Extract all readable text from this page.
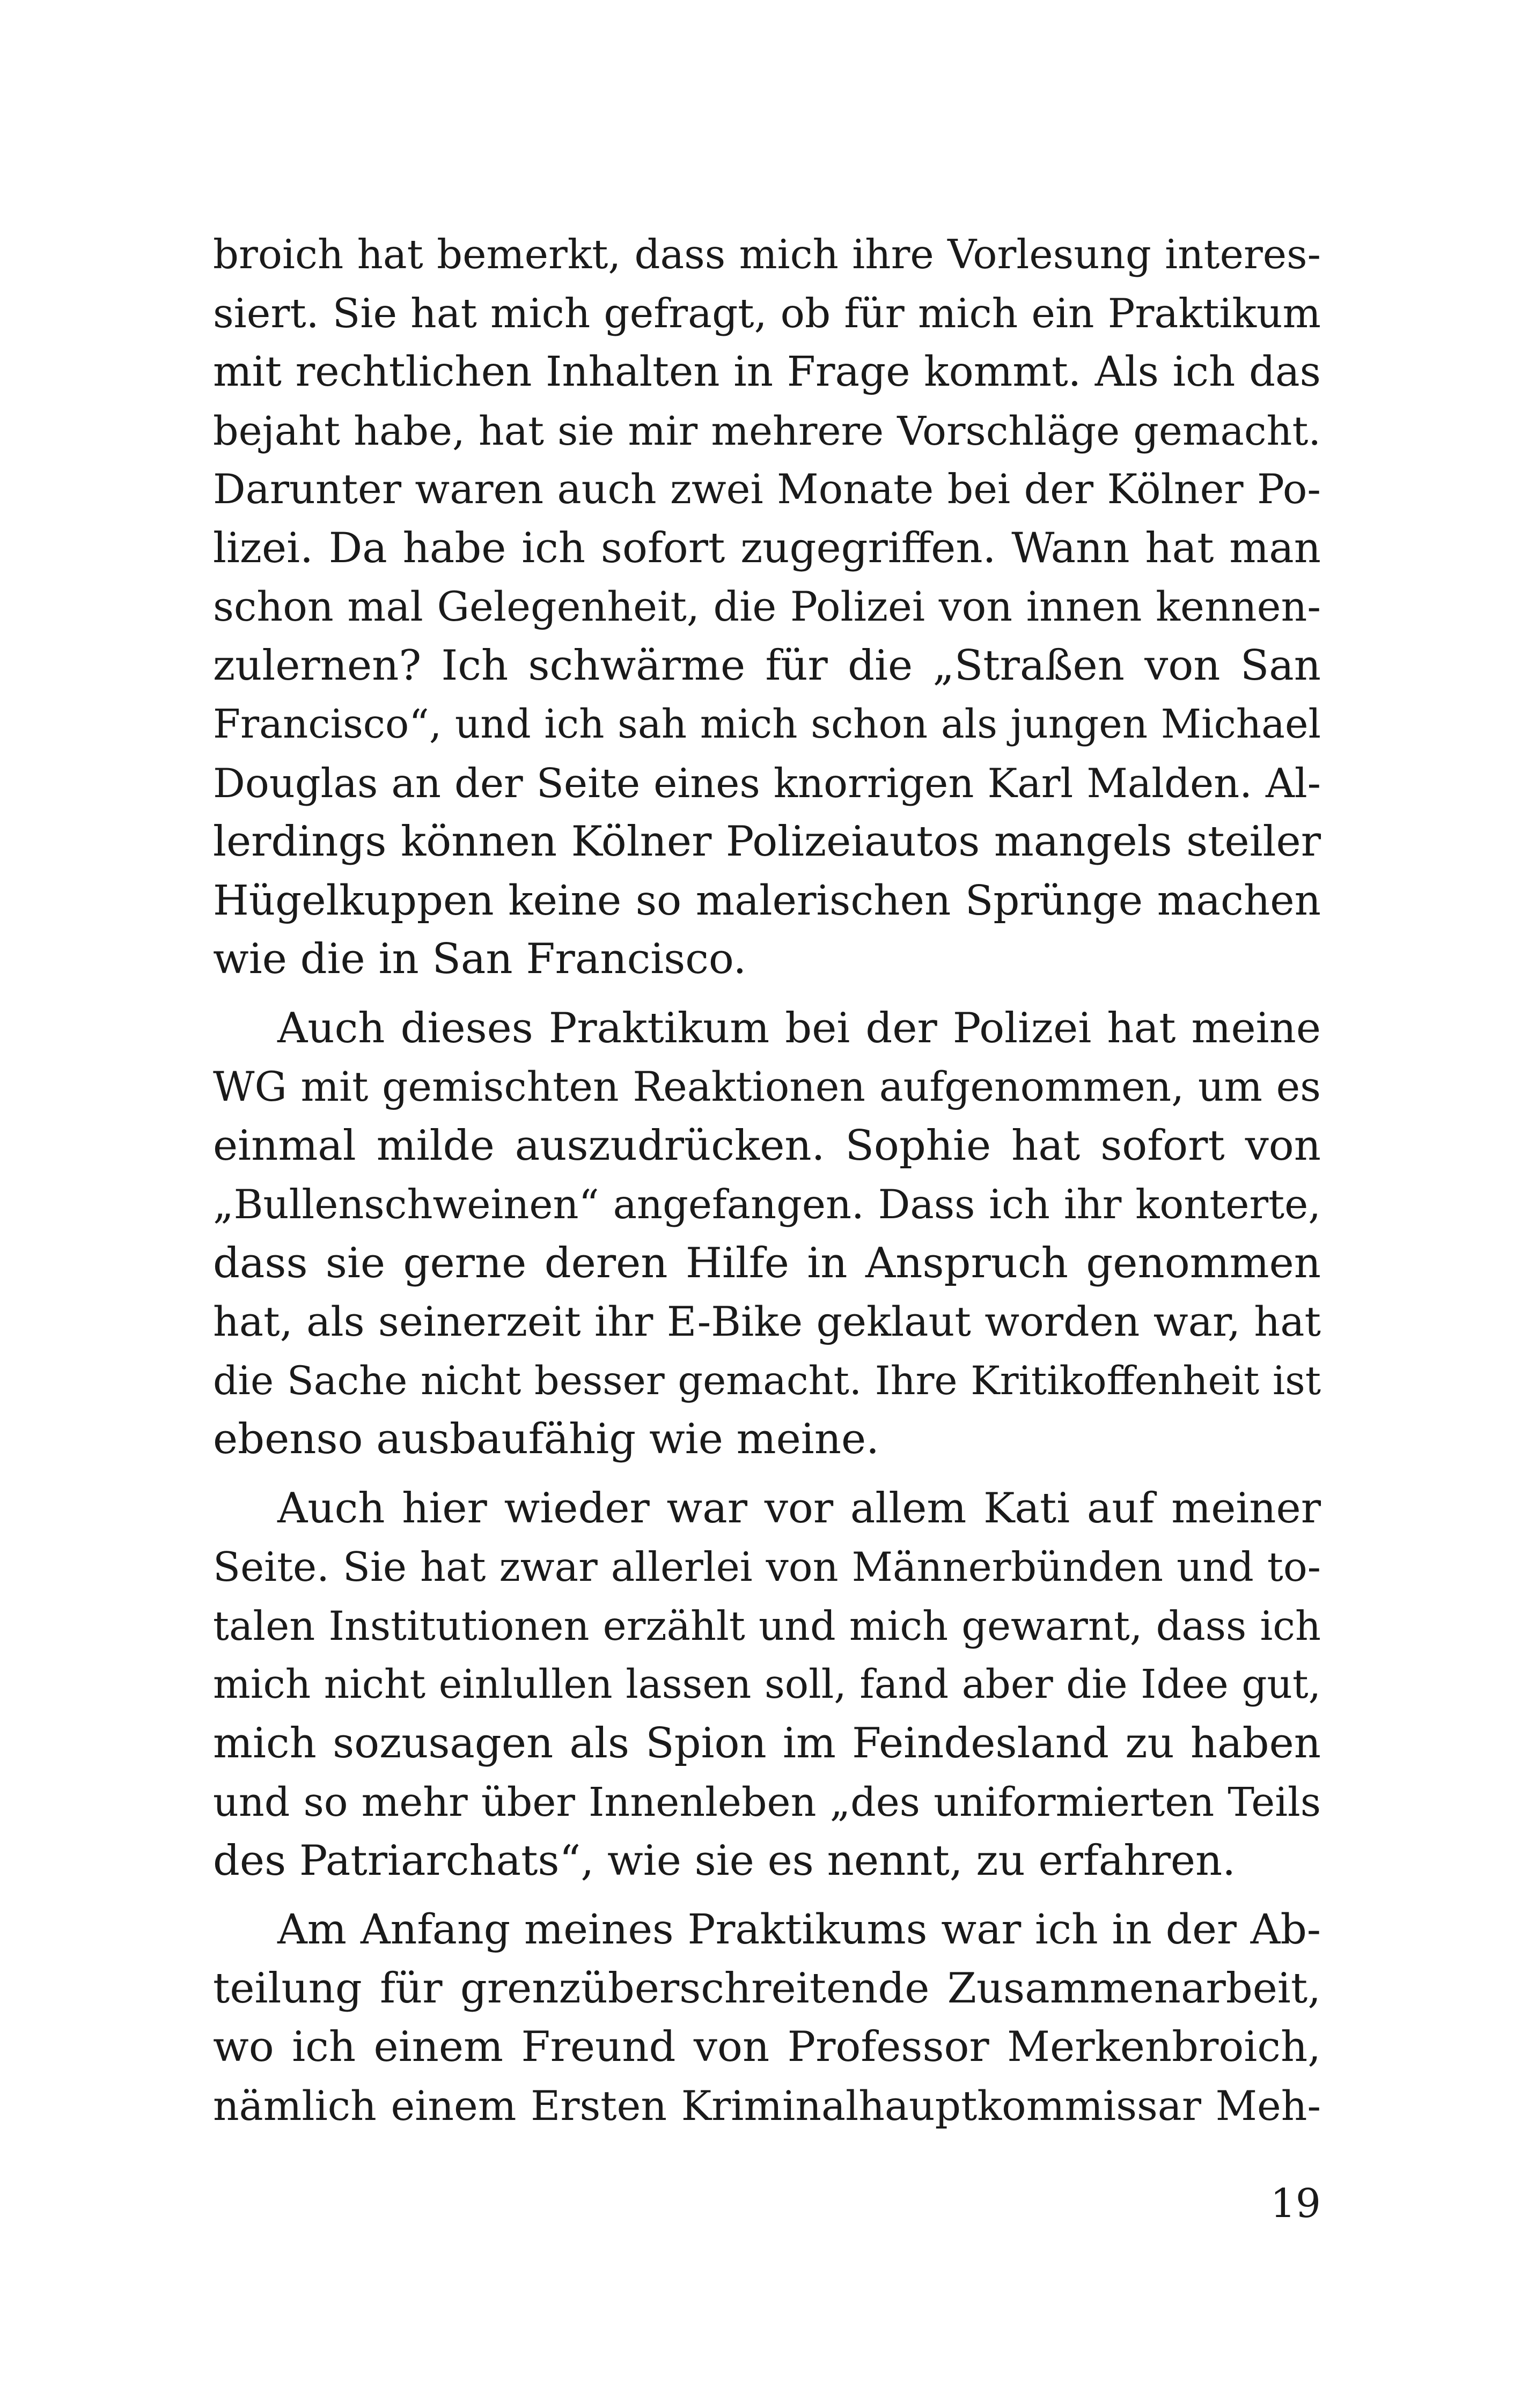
broich hat bemerkt, dass mich ihre Vorlesung interes-
siert. Sie hat mich gefragt, ob für mich ein Praktikum
mit rechtlichen Inhalten in Frage kommt. Als ich das
bejaht habe, hat sie mir mehrere Vorschläge gemacht.
Darunter waren auch zwei Monate bei der Kölner Po-
lizei. Da habe ich sofort zugegriffen. Wann hat man
schon mal Gelegenheit, die Polizei von innen kennen-
zulernen? Ich schwärme für die „Straßen von San
Francisco“, und ich sah mich schon als jungen Michael
Douglas an der Seite eines knorrigen Karl Malden. Al-
lerdings können Kölner Polizeiautos mangels steiler
Hügelkuppen keine so malerischen Sprünge machen
wie die in San Francisco.
Auch dieses Praktikum bei der Polizei hat meine
WG mit gemischten Reaktionen aufgenommen, um es
einmal milde auszudrücken. Sophie hat sofort von
„Bullenschweinen“ angefangen. Dass ich ihr konterte,
dass sie gerne deren Hilfe in Anspruch genommen
hat, als seinerzeit ihr E-Bike geklaut worden war, hat
die Sache nicht besser gemacht. Ihre Kritikoffenheit ist
ebenso ausbaufähig wie meine.
Auch hier wieder war vor allem Kati auf meiner
Seite. Sie hat zwar allerlei von Männerbünden und to-
talen Institutionen erzählt und mich gewarnt, dass ich
mich nicht einlullen lassen soll, fand aber die Idee gut,
mich sozusagen als Spion im Feindesland zu haben
und so mehr über Innenleben „des uniformierten Teils
des Patriarchats“, wie sie es nennt, zu erfahren.
Am Anfang meines Praktikums war ich in der Ab-
teilung für grenzüberschreitende Zusammenarbeit,
wo ich einem Freund von Professor Merkenbroich,
nämlich einem Ersten Kriminalhauptkommissar Meh-
19
